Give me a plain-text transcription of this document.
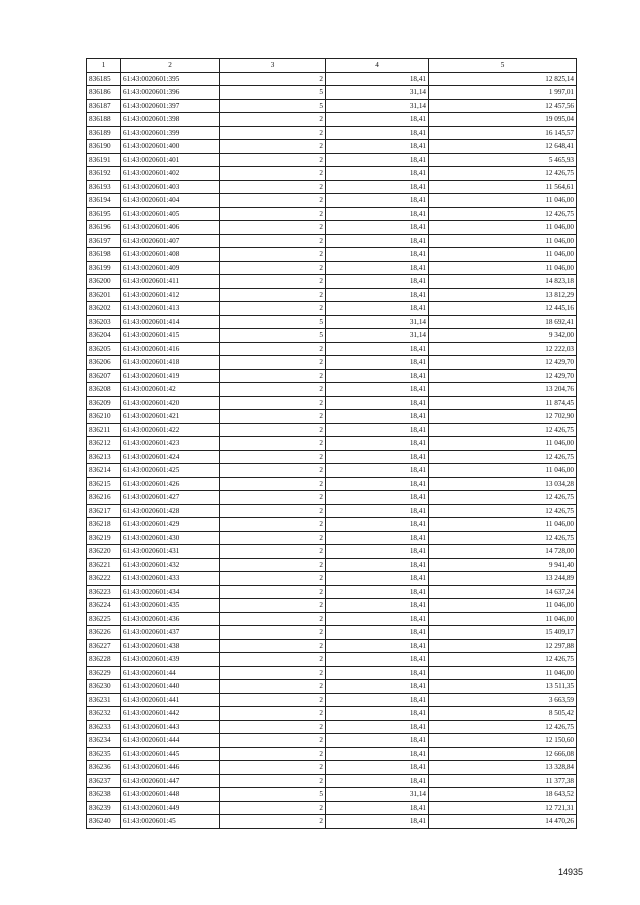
1	2	3	4	5
836185	61:43:0020601:395	2	18,41	12 825,14
836186	61:43:0020601:396	5	31,14	1 997,01
836187	61:43:0020601:397	5	31,14	12 457,56
836188	61:43:0020601:398	2	18,41	19 095,04
836189	61:43:0020601:399	2	18,41	16 145,57
836190	61:43:0020601:400	2	18,41	12 648,41
836191	61:43:0020601:401	2	18,41	5 465,93
836192	61:43:0020601:402	2	18,41	12 426,75
836193	61:43:0020601:403	2	18,41	11 564,61
836194	61:43:0020601:404	2	18,41	11 046,00
836195	61:43:0020601:405	2	18,41	12 426,75
836196	61:43:0020601:406	2	18,41	11 046,00
836197	61:43:0020601:407	2	18,41	11 046,00
836198	61:43:0020601:408	2	18,41	11 046,00
836199	61:43:0020601:409	2	18,41	11 046,00
836200	61:43:0020601:411	2	18,41	14 823,18
836201	61:43:0020601:412	2	18,41	13 812,29
836202	61:43:0020601:413	2	18,41	12 445,16
836203	61:43:0020601:414	5	31,14	18 692,41
836204	61:43:0020601:415	5	31,14	9 342,00
836205	61:43:0020601:416	2	18,41	12 222,03
836206	61:43:0020601:418	2	18,41	12 429,70
836207	61:43:0020601:419	2	18,41	12 429,70
836208	61:43:0020601:42	2	18,41	13 204,76
836209	61:43:0020601:420	2	18,41	11 874,45
836210	61:43:0020601:421	2	18,41	12 702,90
836211	61:43:0020601:422	2	18,41	12 426,75
836212	61:43:0020601:423	2	18,41	11 046,00
836213	61:43:0020601:424	2	18,41	12 426,75
836214	61:43:0020601:425	2	18,41	11 046,00
836215	61:43:0020601:426	2	18,41	13 034,28
836216	61:43:0020601:427	2	18,41	12 426,75
836217	61:43:0020601:428	2	18,41	12 426,75
836218	61:43:0020601:429	2	18,41	11 046,00
836219	61:43:0020601:430	2	18,41	12 426,75
836220	61:43:0020601:431	2	18,41	14 728,00
836221	61:43:0020601:432	2	18,41	9 941,40
836222	61:43:0020601:433	2	18,41	13 244,89
836223	61:43:0020601:434	2	18,41	14 637,24
836224	61:43:0020601:435	2	18,41	11 046,00
836225	61:43:0020601:436	2	18,41	11 046,00
836226	61:43:0020601:437	2	18,41	15 409,17
836227	61:43:0020601:438	2	18,41	12 297,88
836228	61:43:0020601:439	2	18,41	12 426,75
836229	61:43:0020601:44	2	18,41	11 046,00
836230	61:43:0020601:440	2	18,41	13 511,35
836231	61:43:0020601:441	2	18,41	3 663,59
836232	61:43:0020601:442	2	18,41	8 505,42
836233	61:43:0020601:443	2	18,41	12 426,75
836234	61:43:0020601:444	2	18,41	12 150,60
836235	61:43:0020601:445	2	18,41	12 666,08
836236	61:43:0020601:446	2	18,41	13 328,84
836237	61:43:0020601:447	2	18,41	11 377,38
836238	61:43:0020601:448	5	31,14	18 643,52
836239	61:43:0020601:449	2	18,41	12 721,31
836240	61:43:0020601:45	2	18,41	14 470,26
14935
